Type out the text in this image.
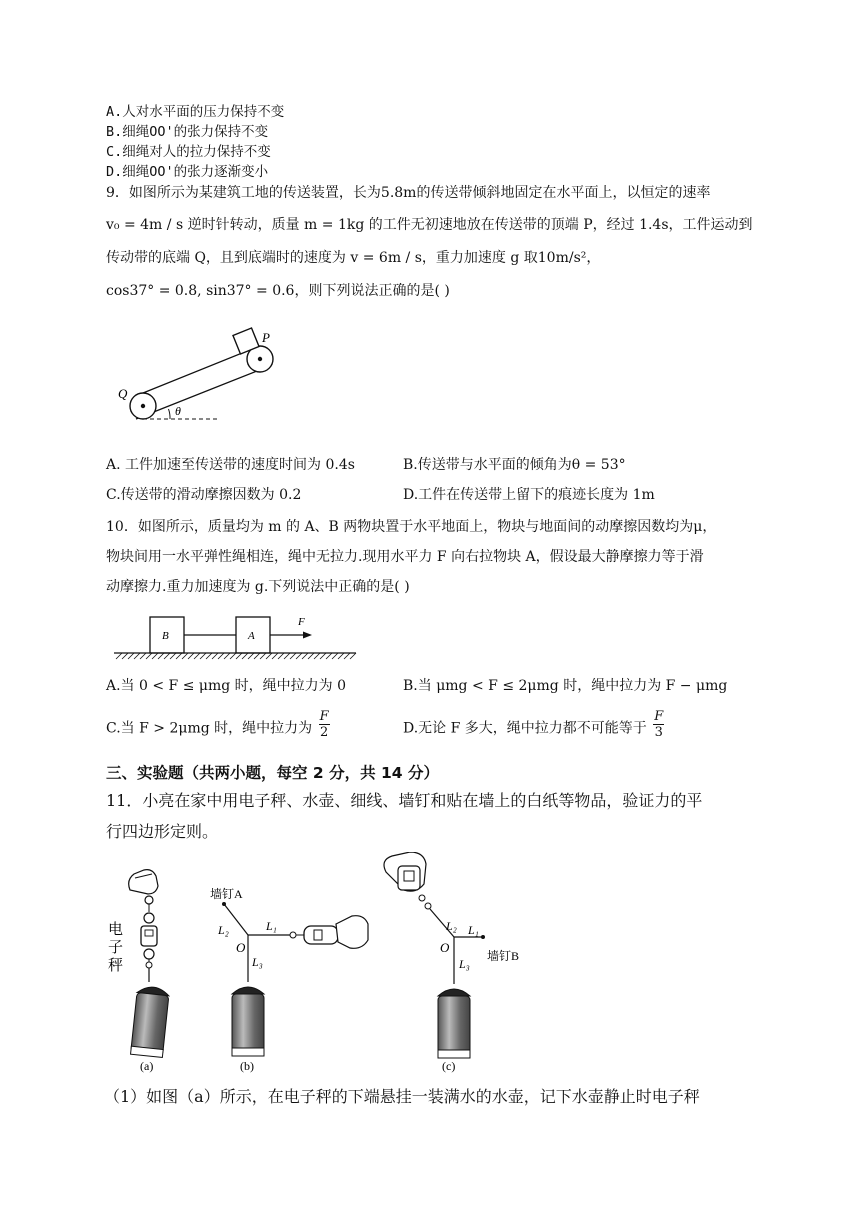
A.人对水平面的压力保持不变
B.细绳OO'的张力保持不变
C.细绳对人的拉力保持不变
D.细绳OO'的张力逐渐变小
9．如图所示为某建筑工地的传送装置，长为5.8m的传送带倾斜地固定在水平面上，以恒定的速率
v₀ = 4m / s 逆时针转动，质量 m = 1kg 的工件无初速地放在传送带的顶端 P，经过 1.4s，工件运动到
传动带的底端 Q，且到底端时的速度为 v = 6m / s，重力加速度 g 取10m/s²，
cos37° = 0.8, sin37° = 0.6，则下列说法正确的是( )
P
Q
θ
A. 工件加速至传送带的速度时间为 0.4s	B.传送带与水平面的倾角为θ = 53°
C.传送带的滑动摩擦因数为 0.2	D.工件在传送带上留下的痕迹长度为 1m
10．如图所示，质量均为 m 的 A、B 两物块置于水平地面上，物块与地面间的动摩擦因数均为μ，
物块间用一水平弹性绳相连，绳中无拉力.现用水平力 F 向右拉物块 A，假设最大静摩擦力等于滑
动摩擦力.重力加速度为 g.下列说法中正确的是( )
B	A
F
A.当 0 < F ≤ μmg 时，绳中拉力为 0	B.当 μmg < F ≤ 2μmg 时，绳中拉力为 F − μmg
C.当 F > 2μmg 时，绳中拉力为 $\frac{F}{2}$	D.无论 F 多大，绳中拉力都不可能等于 $\frac{F}{3}$
三、实验题（共两小题，每空 2 分，共 14 分）
11．小亮在家中用电子秤、水壶、细线、墙钉和贴在墙上的白纸等物品，验证力的平
行四边形定则。
电
子
秤
(a)
墙钉A
L₂
O
L₁
L₃
(b)
L₂ L₁
O
L₃
墙钉B
(c)
（1）如图（a）所示，在电子秤的下端悬挂一装满水的水壶，记下水壶静止时电子秤
